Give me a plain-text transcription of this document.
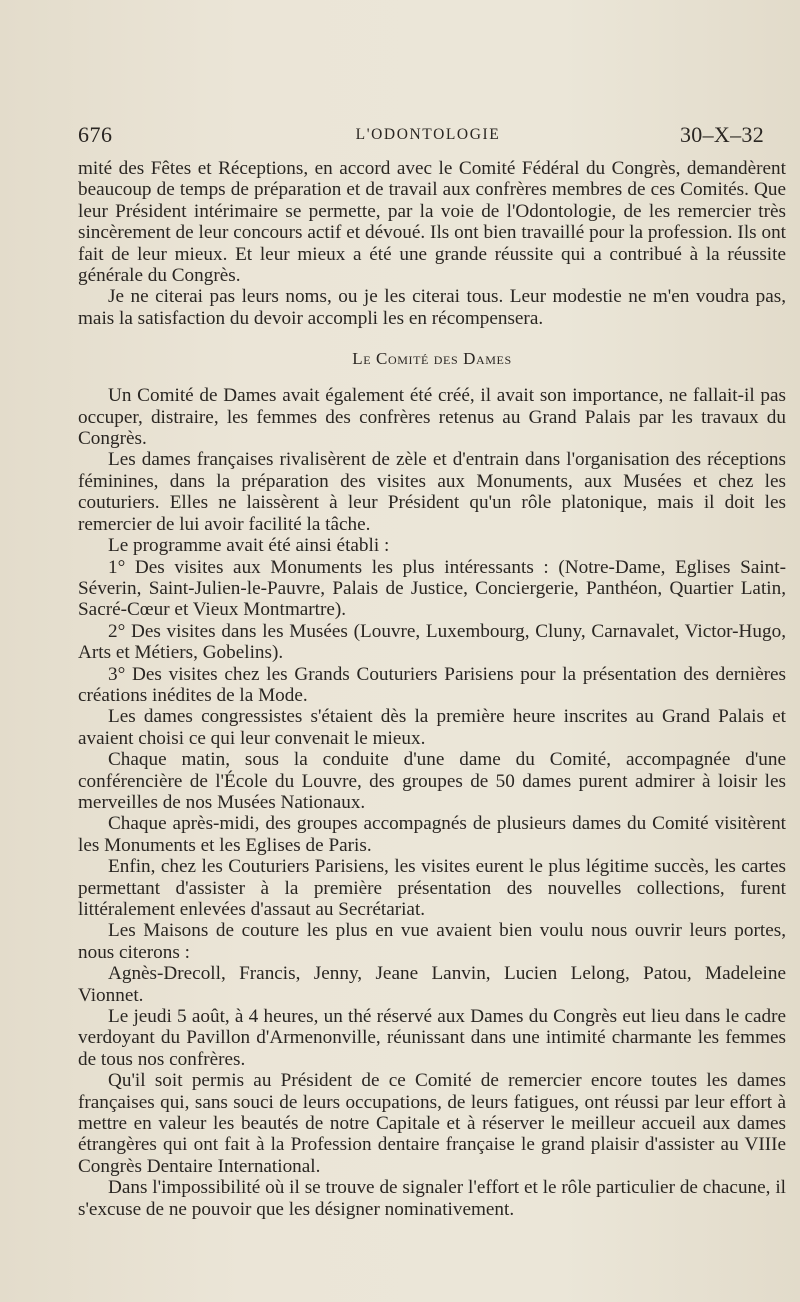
676	L'ODONTOLOGIE	30–X–32

mité des Fêtes et Réceptions, en accord avec le Comité Fédéral du Congrès, demandèrent beaucoup de temps de préparation et de travail aux confrères membres de ces Comités. Que leur Président intérimaire se permette, par la voie de l'Odontologie, de les remercier très sincèrement de leur concours actif et dévoué. Ils ont bien travaillé pour la profession. Ils ont fait de leur mieux. Et leur mieux a été une grande réussite qui a contribué à la réussite générale du Congrès.

Je ne citerai pas leurs noms, ou je les citerai tous. Leur modestie ne m'en voudra pas, mais la satisfaction du devoir accompli les en récompensera.

Le Comité des Dames

Un Comité de Dames avait également été créé, il avait son importance, ne fallait-il pas occuper, distraire, les femmes des confrères retenus au Grand Palais par les travaux du Congrès.

Les dames françaises rivalisèrent de zèle et d'entrain dans l'organisation des réceptions féminines, dans la préparation des visites aux Monuments, aux Musées et chez les couturiers. Elles ne laissèrent à leur Président qu'un rôle platonique, mais il doit les remercier de lui avoir facilité la tâche.

Le programme avait été ainsi établi :

1° Des visites aux Monuments les plus intéressants : (Notre-Dame, Eglises Saint-Séverin, Saint-Julien-le-Pauvre, Palais de Justice, Conciergerie, Panthéon, Quartier Latin, Sacré-Cœur et Vieux Montmartre).

2° Des visites dans les Musées (Louvre, Luxembourg, Cluny, Carnavalet, Victor-Hugo, Arts et Métiers, Gobelins).

3° Des visites chez les Grands Couturiers Parisiens pour la présentation des dernières créations inédites de la Mode.

Les dames congressistes s'étaient dès la première heure inscrites au Grand Palais et avaient choisi ce qui leur convenait le mieux.

Chaque matin, sous la conduite d'une dame du Comité, accompagnée d'une conférencière de l'École du Louvre, des groupes de 50 dames purent admirer à loisir les merveilles de nos Musées Nationaux.

Chaque après-midi, des groupes accompagnés de plusieurs dames du Comité visitèrent les Monuments et les Eglises de Paris.

Enfin, chez les Couturiers Parisiens, les visites eurent le plus légitime succès, les cartes permettant d'assister à la première présentation des nouvelles collections, furent littéralement enlevées d'assaut au Secrétariat.

Les Maisons de couture les plus en vue avaient bien voulu nous ouvrir leurs portes, nous citerons :

Agnès-Drecoll, Francis, Jenny, Jeane Lanvin, Lucien Lelong, Patou, Madeleine Vionnet.

Le jeudi 5 août, à 4 heures, un thé réservé aux Dames du Congrès eut lieu dans le cadre verdoyant du Pavillon d'Armenonville, réunissant dans une intimité charmante les femmes de tous nos confrères.

Qu'il soit permis au Président de ce Comité de remercier encore toutes les dames françaises qui, sans souci de leurs occupations, de leurs fatigues, ont réussi par leur effort à mettre en valeur les beautés de notre Capitale et à réserver le meilleur accueil aux dames étrangères qui ont fait à la Profession dentaire française le grand plaisir d'assister au VIIIe Congrès Dentaire International.

Dans l'impossibilité où il se trouve de signaler l'effort et le rôle particulier de chacune, il s'excuse de ne pouvoir que les désigner nominativement.
